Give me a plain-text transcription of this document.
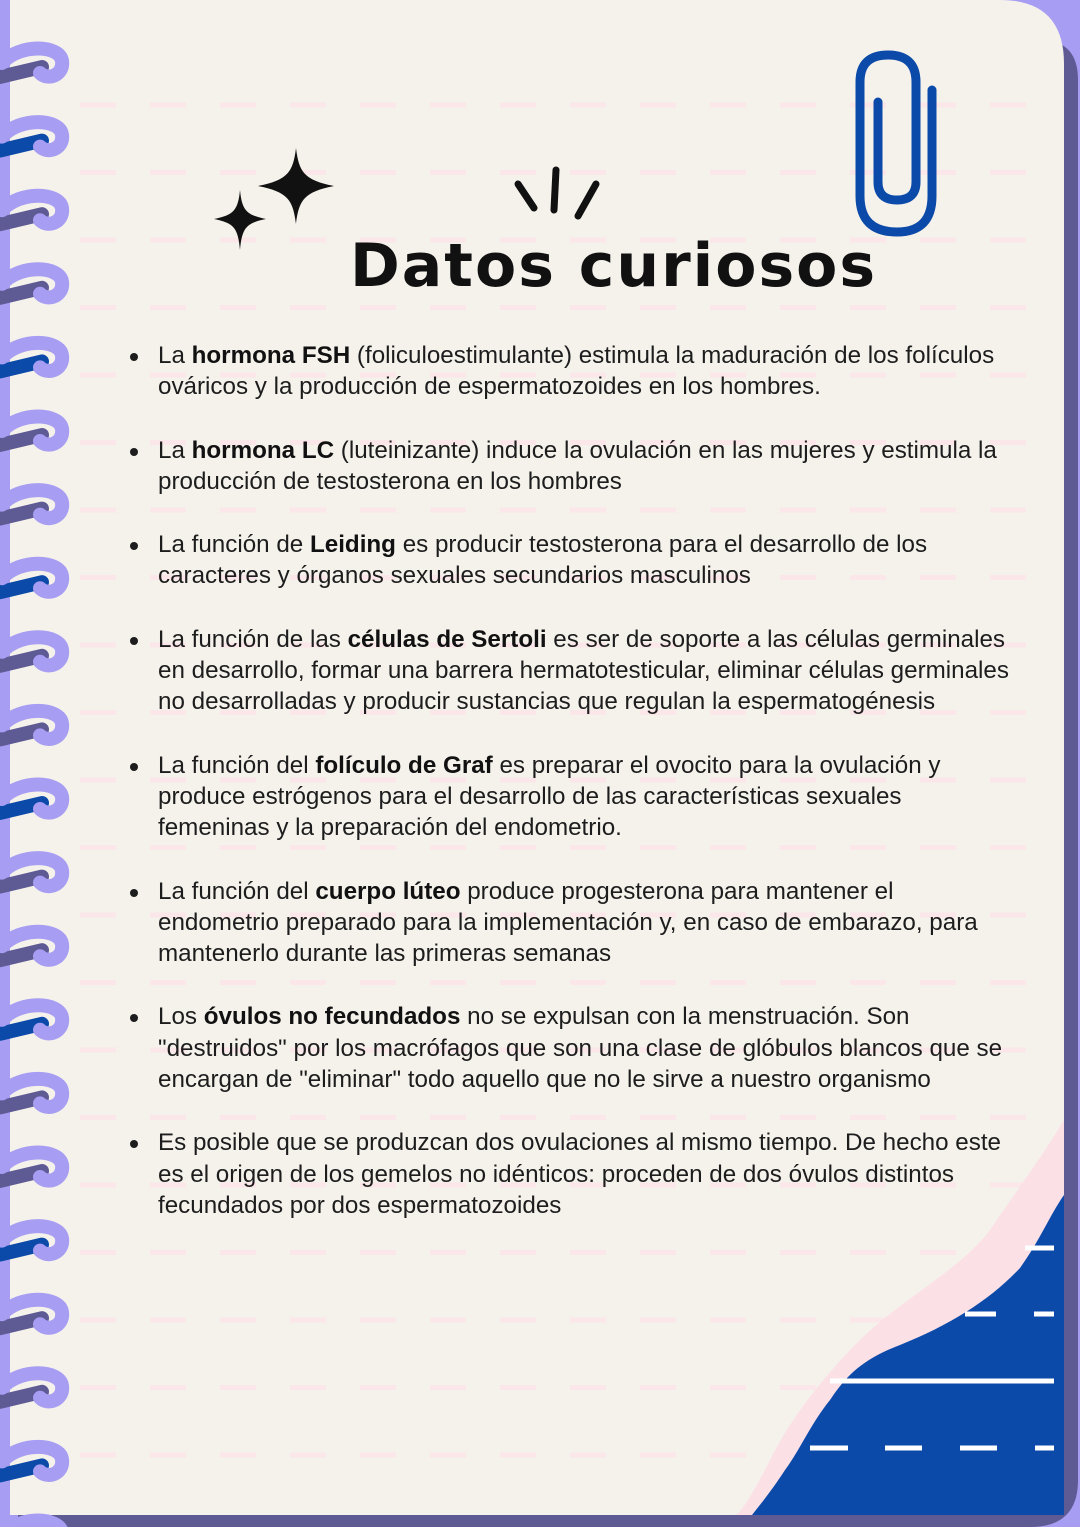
Datos curiosos
La hormona FSH (foliculoestimulante) estimula la maduración de los folículos ováricos y la producción de espermatozoides en los hombres.
La hormona LC (luteinizante) induce la ovulación en las mujeres y estimula la producción de testosterona en los hombres
La función de Leiding es producir testosterona para el desarrollo de los caracteres y órganos sexuales secundarios masculinos
La función de las células de Sertoli es ser de soporte a las células germinales en desarrollo, formar una barrera hermatotesticular, eliminar células germinales no desarrolladas y producir sustancias que regulan la espermatogénesis
La función del folículo de Graf es preparar el ovocito para la ovulación y produce estrógenos para el desarrollo de las características sexuales femeninas y la preparación del endometrio.
La función del cuerpo lúteo produce progesterona para mantener el endometrio preparado para la implementación y, en caso de embarazo, para mantenerlo durante las primeras semanas
Los óvulos no fecundados no se expulsan con la menstruación. Son "destruidos" por los macrófagos que son una clase de glóbulos blancos que se encargan de "eliminar" todo aquello que no le sirve a nuestro organismo
Es posible que se produzcan dos ovulaciones al mismo tiempo. De hecho este es el origen de los gemelos no idénticos: proceden de dos óvulos distintos fecundados por dos espermatozoides
